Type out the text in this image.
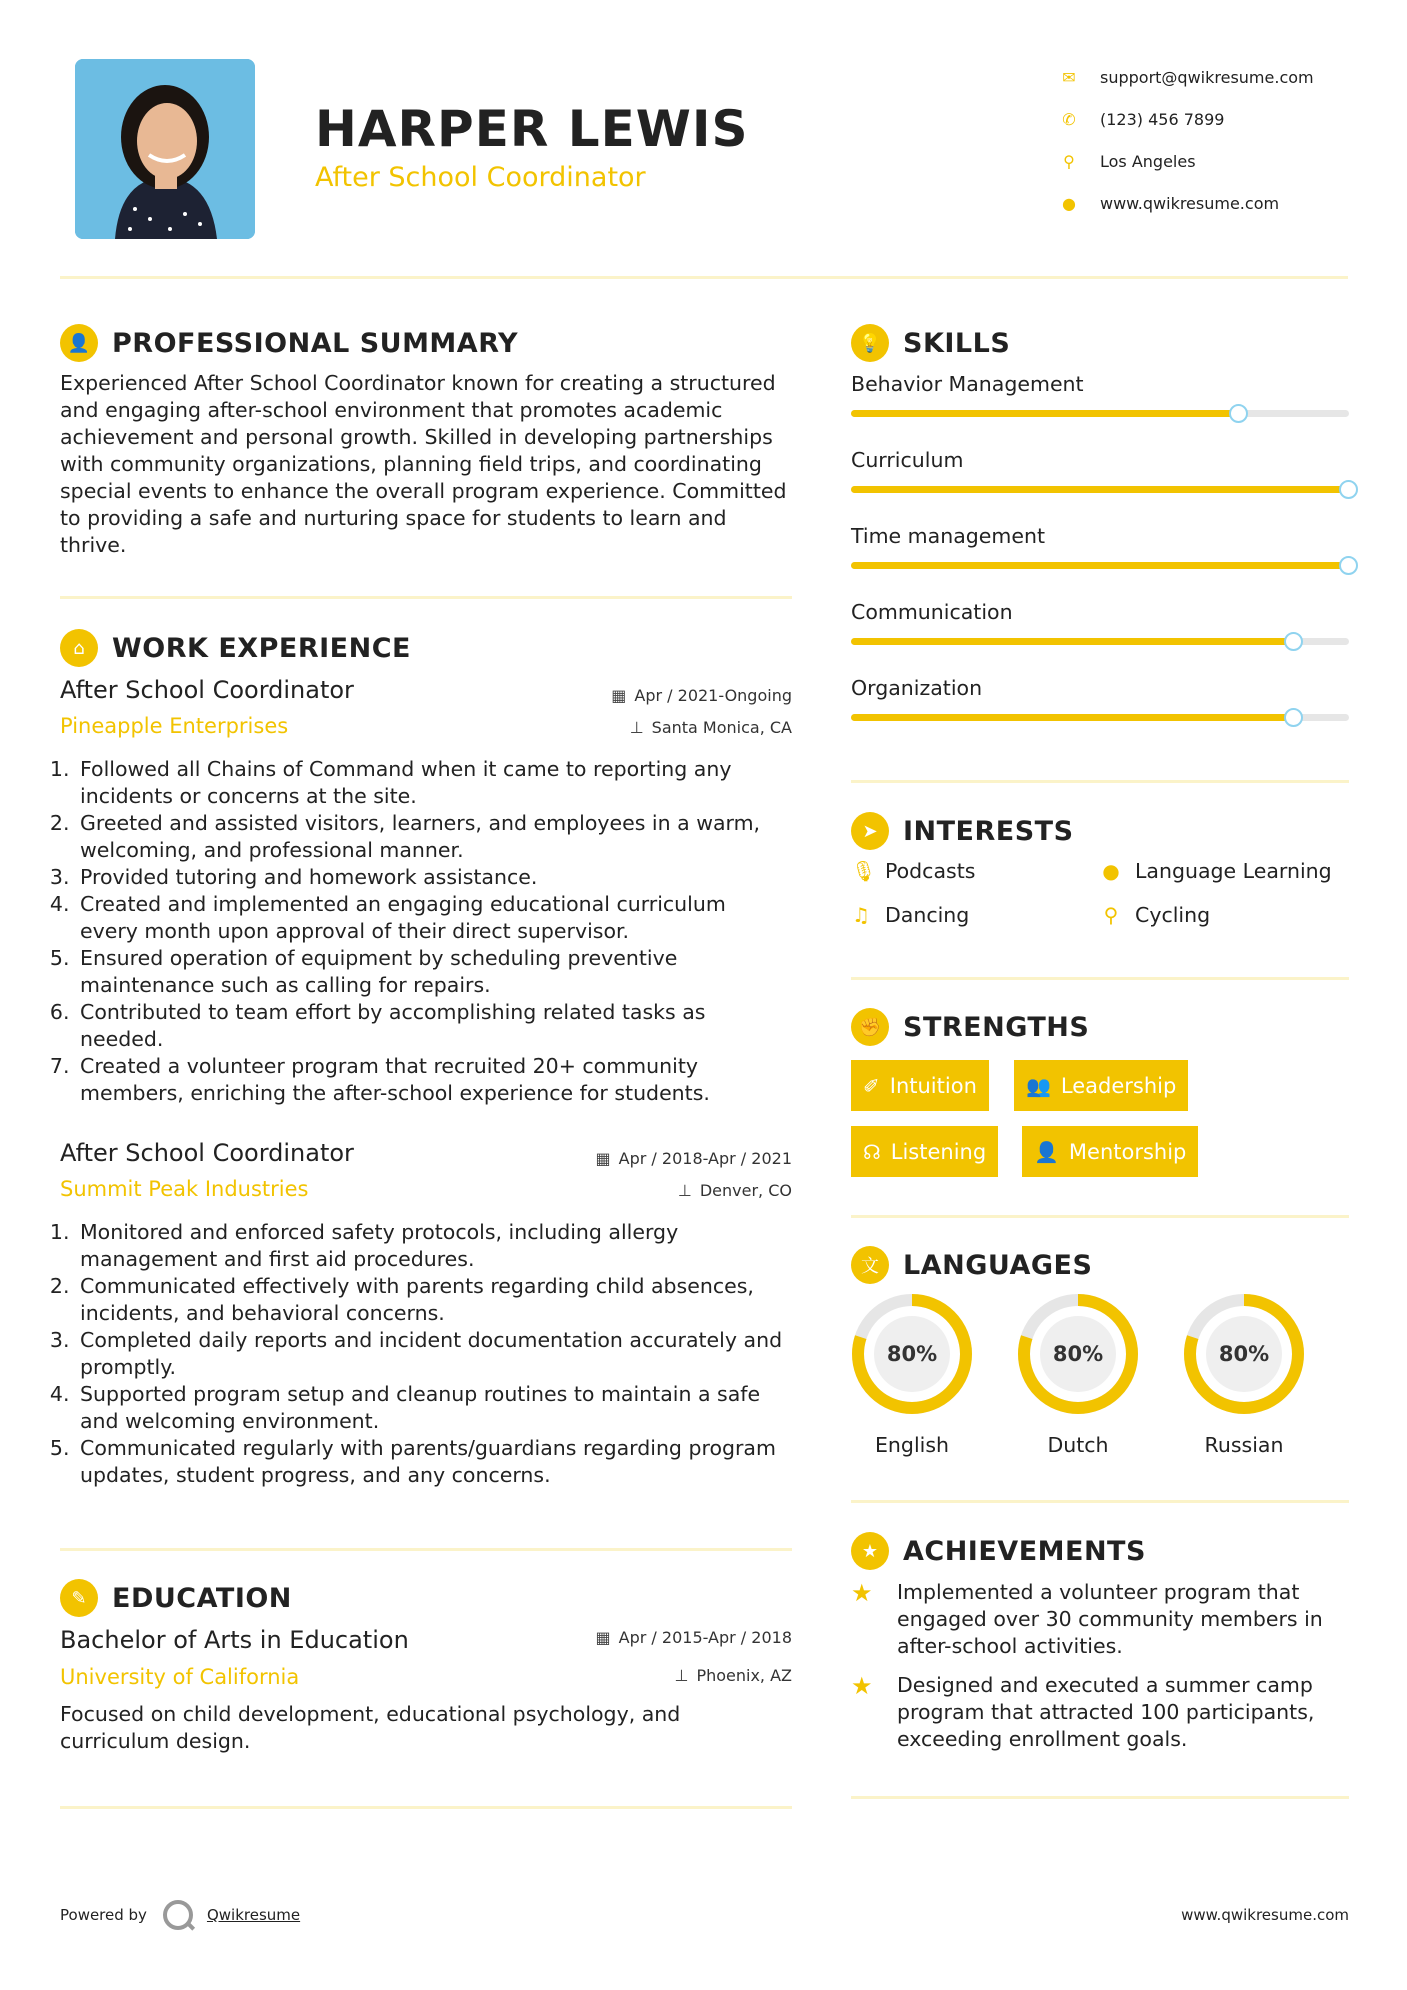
HARPER LEWIS
After School Coordinator
✉	support@qwikresume.com
✆	(123) 456 7899
⚲	Los Angeles
●	www.qwikresume.com
👤 PROFESSIONAL SUMMARY
Experienced After School Coordinator known for creating a structured and engaging after-school environment that promotes academic achievement and personal growth. Skilled in developing partnerships with community organizations, planning field trips, and coordinating special events to enhance the overall program experience. Committed to providing a safe and nurturing space for students to learn and thrive.
⌂	WORK EXPERIENCE
After School Coordinator	▦ Apr / 2021-Ongoing
Pineapple Enterprises	⊥ Santa Monica, CA
1. Followed all Chains of Command when it came to reporting any incidents or concerns at the site.
2. Greeted and assisted visitors, learners, and employees in a warm, welcoming, and professional manner.
3. Provided tutoring and homework assistance.
4. Created and implemented an engaging educational curriculum every month upon approval of their direct supervisor.
5. Ensured operation of equipment by scheduling preventive maintenance such as calling for repairs.
6. Contributed to team effort by accomplishing related tasks as needed.
7. Created a volunteer program that recruited 20+ community members, enriching the after-school experience for students.
After School Coordinator	▦ Apr / 2018-Apr / 2021
Summit Peak Industries	⊥ Denver, CO
1. Monitored and enforced safety protocols, including allergy management and first aid procedures.
2. Communicated effectively with parents regarding child absences, incidents, and behavioral concerns.
3. Completed daily reports and incident documentation accurately and promptly.
4. Supported program setup and cleanup routines to maintain a safe and welcoming environment.
5. Communicated regularly with parents/guardians regarding program updates, student progress, and any concerns.
✎ EDUCATION
Bachelor of Arts in Education	▦ Apr / 2015-Apr / 2018
University of California	⊥ Phoenix, AZ
Focused on child development, educational psychology, and curriculum design.
💡 SKILLS
Behavior Management
Curriculum
Time management
Communication
Organization
➤ INTERESTS
🎙 Podcasts	● Language Learning
♫ Dancing	⚲ Cycling
✊ STRENGTHS
✐ Intuition 👥 Leadership
☊ Listening 👤 Mentorship
文 LANGUAGES
80%
English
80%
Dutch
80%
Russian
★ ACHIEVEMENTS
★	Implemented a volunteer program that engaged over 30 community members in after-school activities.
★	Designed and executed a summer camp program that attracted 100 participants, exceeding enrollment goals.
Powered by	Qwikresume	www.qwikresume.com
